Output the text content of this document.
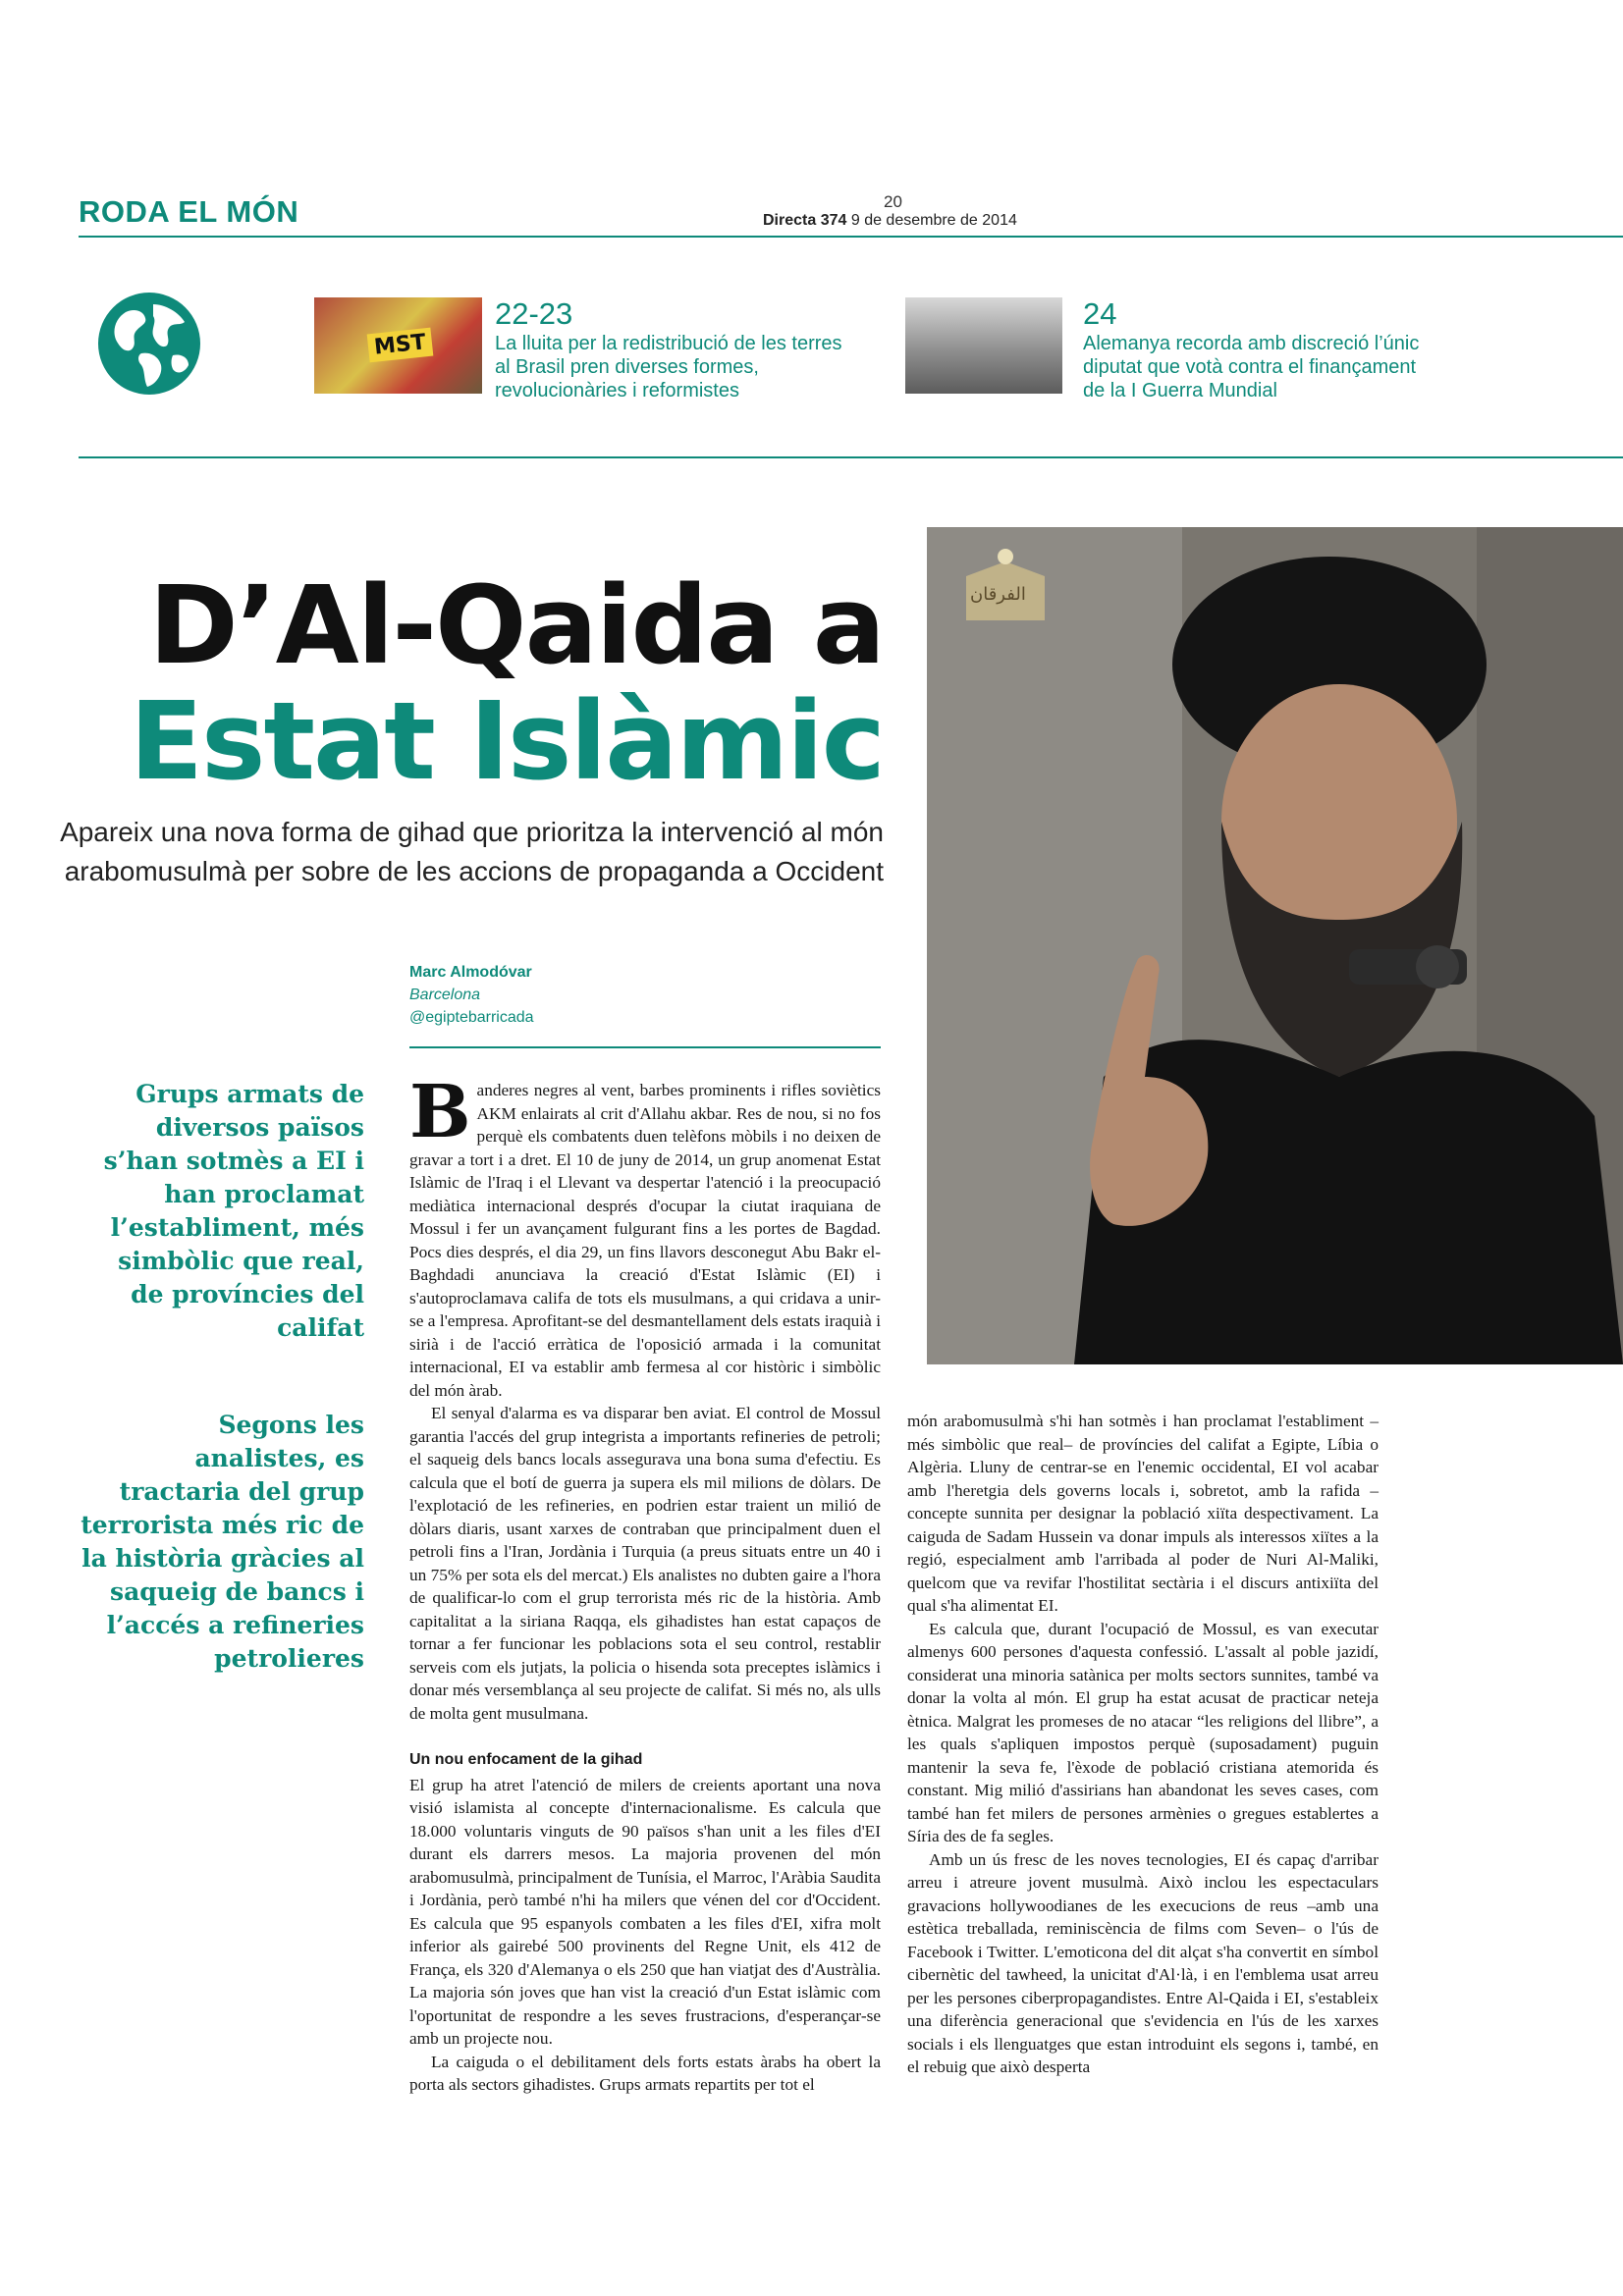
RODA EL MÓN	20
Directa 374 9 de desembre de 2014
MST
22-23
La lluita per la redistribució de les terres al Brasil pren diverses formes, revolucionàries i reformistes
24
Alemanya recorda amb discreció l’únic diputat que votà contra el finançament de la I Guerra Mundial
D’Al-Qaida a
Estat Islàmic
Apareix una nova forma de gihad que prioritza la intervenció al món arabomusulmà per sobre de les accions de propaganda a Occident
الفرقان
Marc Almodóvar
Barcelona
@egiptebarricada
Grups armats de diversos països s’han sotmès a EI i han proclamat l’establiment, més simbòlic que real, de províncies del califat
Segons les analistes, es tractaria del grup terrorista més ric de la història gràcies al saqueig de bancs i l’accés a refineries petrolieres

Banderes negres al vent, barbes prominents i rifles soviètics AKM enlairats al crit d'Allahu akbar. Res de nou, si no fos perquè els combatents duen telèfons mòbils i no deixen de gravar a tort i a dret. El 10 de juny de 2014, un grup anomenat Estat Islàmic de l'Iraq i el Llevant va despertar l'atenció i la preocupació mediàtica internacional després d'ocupar la ciutat iraquiana de Mossul i fer un avançament fulgurant fins a les portes de Bagdad. Pocs dies després, el dia 29, un fins llavors desconegut Abu Bakr el-Baghdadi anunciava la creació d'Estat Islàmic (EI) i s'autoproclamava califa de tots els musulmans, a qui cridava a unir-se a l'empresa. Aprofitant-se del desmantellament dels estats iraquià i sirià i de l'acció erràtica de l'oposició armada i la comunitat internacional, EI va establir amb fermesa al cor històric i simbòlic del món àrab.

El senyal d'alarma es va disparar ben aviat. El control de Mossul garantia l'accés del grup integrista a importants refineries de petroli; el saqueig dels bancs locals assegurava una bona suma d'efectiu. Es calcula que el botí de guerra ja supera els mil milions de dòlars. De l'explotació de les refineries, en podrien estar traient un milió de dòlars diaris, usant xarxes de contraban que principalment duen el petroli fins a l'Iran, Jordània i Turquia (a preus situats entre un 40 i un 75% per sota els del mercat.) Els analistes no dubten gaire a l'hora de qualificar-lo com el grup terrorista més ric de la història. Amb capitalitat a la siriana Raqqa, els gihadistes han estat capaços de tornar a fer funcionar les poblacions sota el seu control, restablir serveis com els jutjats, la policia o hisenda sota preceptes islàmics i donar més versemblança al seu projecte de califat. Si més no, als ulls de molta gent musulmana.

Un nou enfocament de la gihad

El grup ha atret l'atenció de milers de creients aportant una nova visió islamista al concepte d'internacionalisme. Es calcula que 18.000 voluntaris vinguts de 90 països s'han unit a les files d'EI durant els darrers mesos. La majoria provenen del món arabomusulmà, principalment de Tunísia, el Marroc, l'Aràbia Saudita i Jordània, però també n'hi ha milers que vénen del cor d'Occident. Es calcula que 95 espanyols combaten a les files d'EI, xifra molt inferior als gairebé 500 provinents del Regne Unit, els 412 de França, els 320 d'Alemanya o els 250 que han viatjat des d'Austràlia. La majoria són joves que han vist la creació d'un Estat islàmic com l'oportunitat de respondre a les seves frustracions, d'esperançar-se amb un projecte nou.

La caiguda o el debilitament dels forts estats àrabs ha obert la porta als sectors gihadistes. Grups armats repartits per tot el

món arabomusulmà s'hi han sotmès i han proclamat l'establiment –més simbòlic que real– de províncies del califat a Egipte, Líbia o Algèria. Lluny de centrar-se en l'enemic occidental, EI vol acabar amb l'heretgia dels governs locals i, sobretot, amb la rafida –concepte sunnita per designar la població xiïta despectivament. La caiguda de Sadam Hussein va donar impuls als interessos xiïtes a la regió, especialment amb l'arribada al poder de Nuri Al-Maliki, quelcom que va revifar l'hostilitat sectària i el discurs antixiïta del qual s'ha alimentat EI.

Es calcula que, durant l'ocupació de Mossul, es van executar almenys 600 persones d'aquesta confessió. L'assalt al poble jazidí, considerat una minoria satànica per molts sectors sunnites, també va donar la volta al món. El grup ha estat acusat de practicar neteja ètnica. Malgrat les promeses de no atacar “les religions del llibre”, a les quals s'apliquen impostos perquè (suposadament) puguin mantenir la seva fe, l'èxode de població cristiana atemorida és constant. Mig milió d'assirians han abandonat les seves cases, com també han fet milers de persones armènies o gregues establertes a Síria des de fa segles.

Amb un ús fresc de les noves tecnologies, EI és capaç d'arribar arreu i atreure jovent musulmà. Això inclou les espectaculars gravacions hollywoodianes de les execucions de reus –amb una estètica treballada, reminiscència de films com Seven– o l'ús de Facebook i Twitter. L'emoticona del dit alçat s'ha convertit en símbol cibernètic del tawheed, la unicitat d'Al·là, i en l'emblema usat arreu per les persones ciberpropagandistes. Entre Al-Qaida i EI, s'estableix una diferència generacional que s'evidencia en l'ús de les xarxes socials i els llenguatges que estan introduint els segons i, també, en el rebuig que això desperta
